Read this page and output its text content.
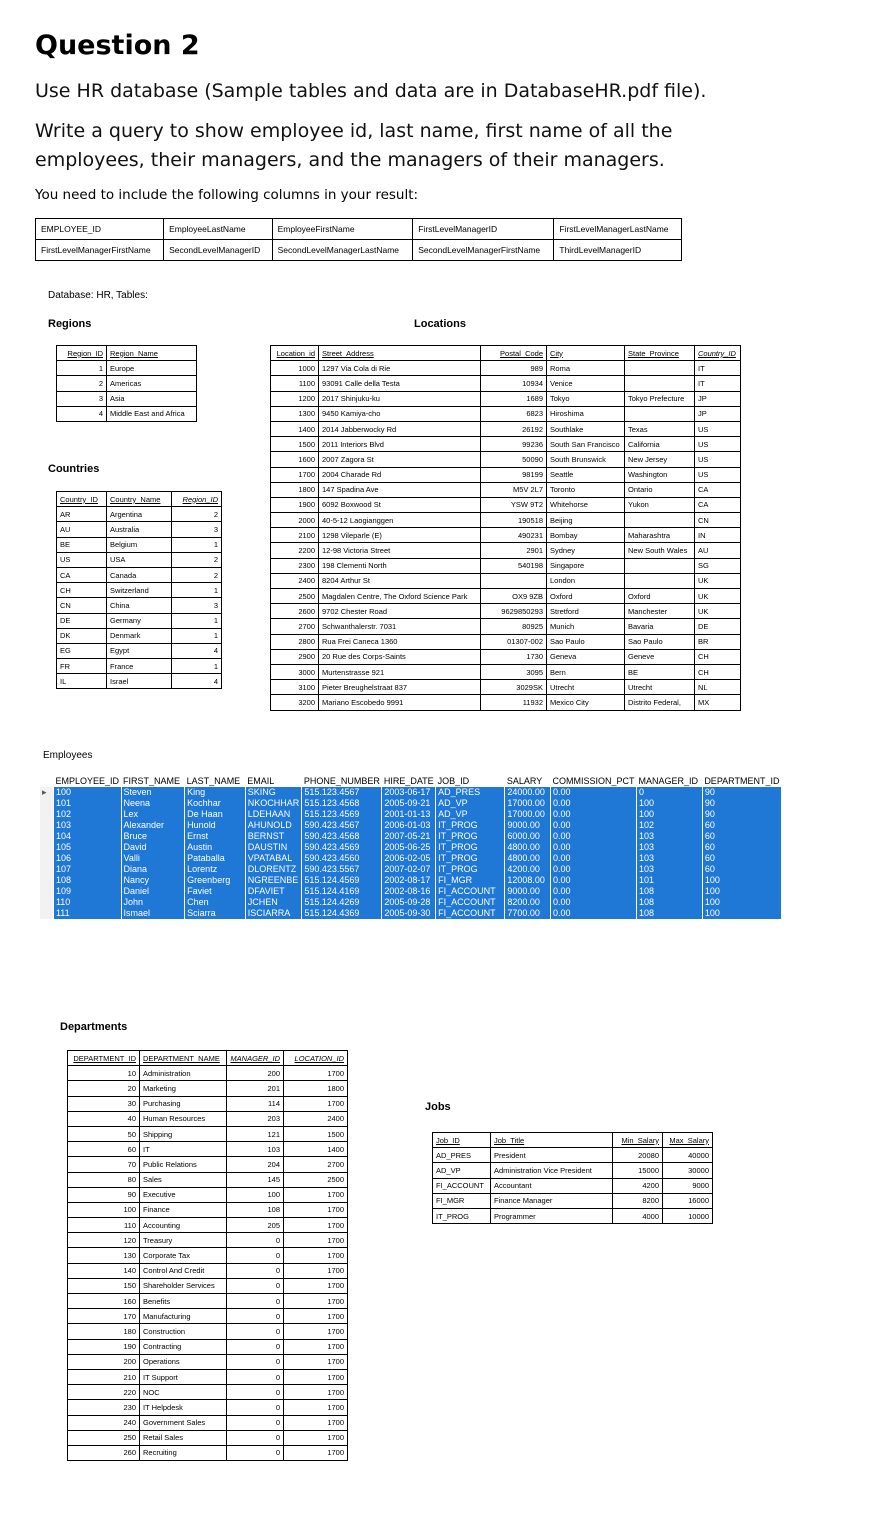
Question 2
Use HR database (Sample tables and data are in DatabaseHR.pdf file).
Write a query to show employee id, last name, first name of all the
employees, their managers, and the managers of their managers.
You need to include the following columns in your result:
EMPLOYEE_ID	EmployeeLastName	EmployeeFirstName	FirstLevelManagerID	FirstLevelManagerLastName
FirstLevelManagerFirstName	SecondLevelManagerID	SecondLevelManagerLastName	SecondLevelManagerFirstName	ThirdLevelManagerID
Database: HR, Tables:
Regions
Region_ID	Region_Name
1	Europe
2	Americas
3	Asia
4	Middle East and Africa
Countries
Country_ID	Country_Name	Region_ID
AR	Argentina	2
AU	Australia	3
BE	Belgium	1
US	USA	2
CA	Canada	2
CH	Switzerland	1
CN	China	3
DE	Germany	1
DK	Denmark	1
EG	Egypt	4
FR	France	1
IL	Israel	4
Locations
Location_id	Street_Address	Postal_Code	City	State_Province	Country_ID
1000	1297 Via Cola di Rie	989	Roma		IT
1100	93091 Calle della Testa	10934	Venice		IT
1200	2017 Shinjuku-ku	1689	Tokyo	Tokyo Prefecture	JP
1300	9450 Kamiya-cho	6823	Hiroshima		JP
1400	2014 Jabberwocky Rd	26192	Southlake	Texas	US
1500	2011 Interiors Blvd	99236	South San Francisco	California	US
1600	2007 Zagora St	50090	South Brunswick	New Jersey	US
1700	2004 Charade Rd	98199	Seattle	Washington	US
1800	147 Spadina Ave	M5V 2L7	Toronto	Ontario	CA
1900	6092 Boxwood St	YSW 9T2	Whitehorse	Yukon	CA
2000	40-5-12 Laogianggen	190518	Beijing		CN
2100	1298 Vileparle (E)	490231	Bombay	Maharashtra	IN
2200	12-98 Victoria Street	2901	Sydney	New South Wales	AU
2300	198 Clementi North	540198	Singapore		SG
2400	8204 Arthur St		London		UK
2500	Magdalen Centre, The Oxford Science Park	OX9 9ZB	Oxford	Oxford	UK
2600	9702 Chester Road	9629850293	Stretford	Manchester	UK
2700	Schwanthalerstr. 7031	80925	Munich	Bavaria	DE
2800	Rua Frei Caneca 1360	01307-002	Sao Paulo	Sao Paulo	BR
2900	20 Rue des Corps-Saints	1730	Geneva	Geneve	CH
3000	Murtenstrasse 921	3095	Bern	BE	CH
3100	Pieter Breughelstraat 837	3029SK	Utrecht	Utrecht	NL
3200	Mariano Escobedo 9991	11932	Mexico City	Distrito Federal,	MX
Employees
	EMPLOYEE_ID	FIRST_NAME	LAST_NAME	EMAIL	PHONE_NUMBER	HIRE_DATE	JOB_ID	SALARY	COMMISSION_PCT	MANAGER_ID	DEPARTMENT_ID
▸	100	Steven	King	SKING	515.123.4567	2003-06-17	AD_PRES	24000.00	0.00	0	90
	101	Neena	Kochhar	NKOCHHAR	515.123.4568	2005-09-21	AD_VP	17000.00	0.00	100	90
	102	Lex	De Haan	LDEHAAN	515.123.4569	2001-01-13	AD_VP	17000.00	0.00	100	90
	103	Alexander	Hunold	AHUNOLD	590.423.4567	2006-01-03	IT_PROG	9000.00	0.00	102	60
	104	Bruce	Ernst	BERNST	590.423.4568	2007-05-21	IT_PROG	6000.00	0.00	103	60
	105	David	Austin	DAUSTIN	590.423.4569	2005-06-25	IT_PROG	4800.00	0.00	103	60
	106	Valli	Pataballa	VPATABAL	590.423.4560	2006-02-05	IT_PROG	4800.00	0.00	103	60
	107	Diana	Lorentz	DLORENTZ	590.423.5567	2007-02-07	IT_PROG	4200.00	0.00	103	60
	108	Nancy	Greenberg	NGREENBE	515.124.4569	2002-08-17	FI_MGR	12008.00	0.00	101	100
	109	Daniel	Faviet	DFAVIET	515.124.4169	2002-08-16	FI_ACCOUNT	9000.00	0.00	108	100
	110	John	Chen	JCHEN	515.124.4269	2005-09-28	FI_ACCOUNT	8200.00	0.00	108	100
	111	Ismael	Sciarra	ISCIARRA	515.124.4369	2005-09-30	FI_ACCOUNT	7700.00	0.00	108	100
Departments
DEPARTMENT_ID	DEPARTMENT_NAME	MANAGER_ID	LOCATION_ID
10	Administration	200	1700
20	Marketing	201	1800
30	Purchasing	114	1700
40	Human Resources	203	2400
50	Shipping	121	1500
60	IT	103	1400
70	Public Relations	204	2700
80	Sales	145	2500
90	Executive	100	1700
100	Finance	108	1700
110	Accounting	205	1700
120	Treasury	0	1700
130	Corporate Tax	0	1700
140	Control And Credit	0	1700
150	Shareholder Services	0	1700
160	Benefits	0	1700
170	Manufacturing	0	1700
180	Construction	0	1700
190	Contracting	0	1700
200	Operations	0	1700
210	IT Support	0	1700
220	NOC	0	1700
230	IT Helpdesk	0	1700
240	Government Sales	0	1700
250	Retail Sales	0	1700
260	Recruiting	0	1700
Jobs
Job_ID	Job_Title	Min_Salary	Max_Salary
AD_PRES	President	20080	40000
AD_VP	Administration Vice President	15000	30000
FI_ACCOUNT	Accountant	4200	9000
FI_MGR	Finance Manager	8200	16000
IT_PROG	Programmer	4000	10000
